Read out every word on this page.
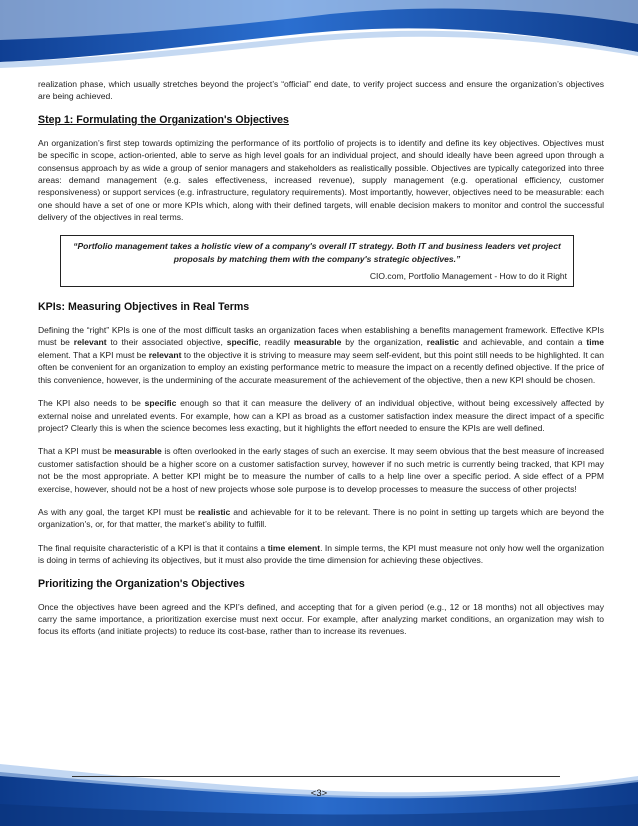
realization phase, which usually stretches beyond the project’s “official” end date, to verify project success and ensure the organization’s objectives are being achieved.

Step 1: Formulating the Organization's Objectives

An organization’s first step towards optimizing the performance of its portfolio of projects is to identify and define its key objectives. Objectives must be specific in scope, action-oriented, able to serve as high level goals for an individual project, and should ideally have been agreed upon through a consensus approach by as wide a group of senior managers and stakeholders as realistically possible. Objectives are typically categorized into three areas: demand management (e.g. sales effectiveness, increased revenue), supply management (e.g. operational efficiency, customer responsiveness) or support services (e.g. infrastructure, regulatory requirements). Most importantly, however, objectives need to be measurable: each one should have a set of one or more KPIs which, along with their defined targets, will enable decision makers to monitor and control the successful delivery of the objectives in real terms.

“Portfolio management takes a holistic view of a company's overall IT strategy. Both IT and business leaders vet project proposals by matching them with the company's strategic objectives.”
CIO.com, Portfolio Management - How to do it Right
KPIs: Measuring Objectives in Real Terms

Defining the “right” KPIs is one of the most difficult tasks an organization faces when establishing a benefits management framework. Effective KPIs must be relevant to their associated objective, specific, readily measurable by the organization, realistic and achievable, and contain a time element. That a KPI must be relevant to the objective it is striving to measure may seem self-evident, but this point still needs to be highlighted. It can often be convenient for an organization to employ an existing performance metric to measure the impact on a recently defined objective. If the price of this convenience, however, is the undermining of the accurate measurement of the achievement of the objective, then a new KPI should be chosen.

The KPI also needs to be specific enough so that it can measure the delivery of an individual objective, without being excessively affected by external noise and unrelated events. For example, how can a KPI as broad as a customer satisfaction index measure the direct impact of a specific project? Clearly this is when the science becomes less exacting, but it highlights the effort needed to ensure the KPIs are well defined.

That a KPI must be measurable is often overlooked in the early stages of such an exercise. It may seem obvious that the best measure of increased customer satisfaction should be a higher score on a customer satisfaction survey, however if no such metric is currently being tracked, that KPI may not be the most appropriate. A better KPI might be to measure the number of calls to a help line over a specific period. A side effect of a PPM exercise, however, should not be a host of new projects whose sole purpose is to develop processes to measure the success of other projects!

As with any goal, the target KPI must be realistic and achievable for it to be relevant. There is no point in setting up targets which are beyond the organization's, or, for that matter, the market’s ability to fulfill.

The final requisite characteristic of a KPI is that it contains a time element. In simple terms, the KPI must measure not only how well the organization is doing in terms of achieving its objectives, but it must also provide the time dimension for achieving these objectives.

Prioritizing the Organization's Objectives

Once the objectives have been agreed and the KPI’s defined, and accepting that for a given period (e.g., 12 or 18 months) not all objectives may carry the same importance, a prioritization exercise must next occur. For example, after analyzing market conditions, an organization may wish to focus its efforts (and initiate projects) to reduce its cost-base, rather than to increase its revenues.

<3>
